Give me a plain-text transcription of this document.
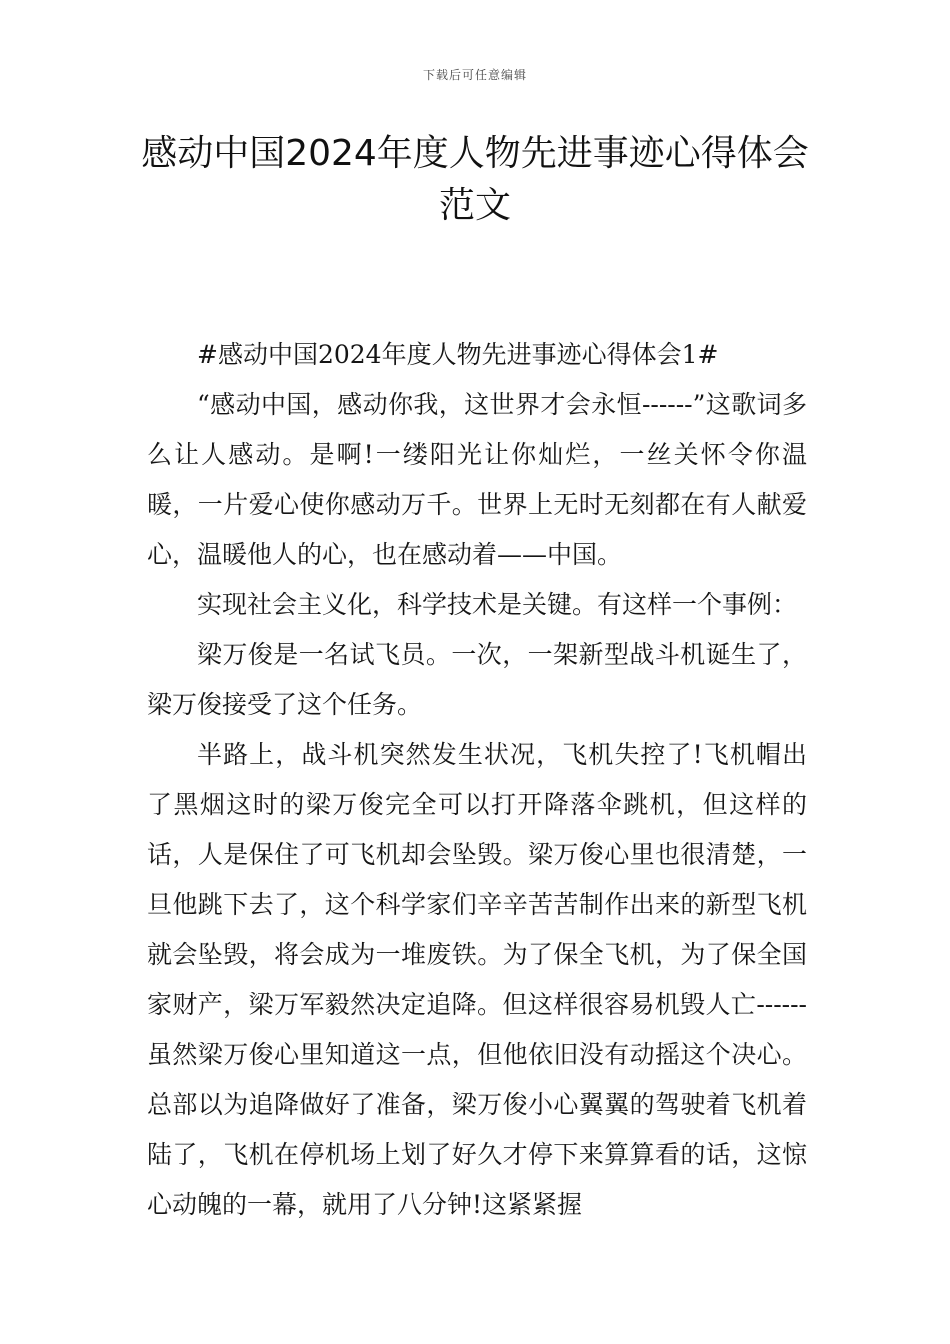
下载后可任意编辑
感动中国2024年度人物先进事迹心得体会
范文

#感动中国2024年度人物先进事迹心得体会1#

“感动中国，感动你我，这世界才会永恒------”这歌词多么让人感动。是啊!一缕阳光让你灿烂，一丝关怀令你温暖，一片爱心使你感动万千。世界上无时无刻都在有人献爱心，温暖他人的心，也在感动着——中国。

实现社会主义化，科学技术是关键。有这样一个事例：

梁万俊是一名试飞员。一次，一架新型战斗机诞生了，梁万俊接受了这个任务。

半路上，战斗机突然发生状况，飞机失控了!飞机帽出了黑烟这时的梁万俊完全可以打开降落伞跳机，但这样的话，人是保住了可飞机却会坠毁。梁万俊心里也很清楚，一旦他跳下去了，这个科学家们辛辛苦苦制作出来的新型飞机就会坠毁，将会成为一堆废铁。为了保全飞机，为了保全国家财产，梁万军毅然决定追降。但这样很容易机毁人亡------虽然梁万俊心里知道这一点，但他依旧没有动摇这个决心。总部以为追降做好了准备，梁万俊小心翼翼的驾驶着飞机着陆了，飞机在停机场上划了好久才停下来算算看的话，这惊心动魄的一幕，就用了八分钟!这紧紧握
